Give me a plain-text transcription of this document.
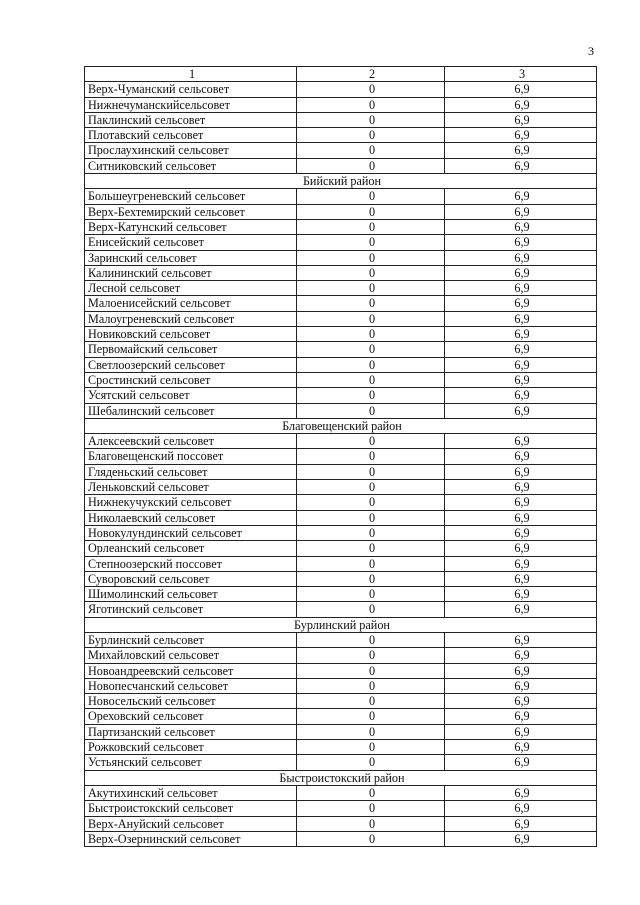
3
1	2	3
Верх-Чуманский сельсовет	0	6,9
Нижнечуманскийсельсовет	0	6,9
Паклинский сельсовет	0	6,9
Плотавский сельсовет	0	6,9
Прослаухинский сельсовет	0	6,9
Ситниковский сельсовет	0	6,9
Бийский район		
Большеугреневский сельсовет	0	6,9
Верх-Бехтемирский сельсовет	0	6,9
Верх-Катунский сельсовет	0	6,9
Енисейский сельсовет	0	6,9
Заринский сельсовет	0	6,9
Калининский сельсовет	0	6,9
Лесной сельсовет	0	6,9
Малоенисейский сельсовет	0	6,9
Малоугреневский сельсовет	0	6,9
Новиковский сельсовет	0	6,9
Первомайский сельсовет	0	6,9
Светлоозерский сельсовет	0	6,9
Сростинский сельсовет	0	6,9
Усятский сельсовет	0	6,9
Шебалинский сельсовет	0	6,9
Благовещенский район		
Алексеевский сельсовет	0	6,9
Благовещенский поссовет	0	6,9
Гляденьский сельсовет	0	6,9
Леньковский сельсовет	0	6,9
Нижнекучукский сельсовет	0	6,9
Николаевский сельсовет	0	6,9
Новокулундинский сельсовет	0	6,9
Орлеанский сельсовет	0	6,9
Степноозерский поссовет	0	6,9
Суворовский сельсовет	0	6,9
Шимолинский сельсовет	0	6,9
Яготинский сельсовет	0	6,9
Бурлинский район		
Бурлинский сельсовет	0	6,9
Михайловский сельсовет	0	6,9
Новоандреевский сельсовет	0	6,9
Новопесчанский сельсовет	0	6,9
Новосельский сельсовет	0	6,9
Ореховский сельсовет	0	6,9
Партизанский сельсовет	0	6,9
Рожковский сельсовет	0	6,9
Устьянский сельсовет	0	6,9
Быстроистокский район		
Акутихинский сельсовет	0	6,9
Быстроистокский сельсовет	0	6,9
Верх-Ануйский сельсовет	0	6,9
Верх-Озернинский сельсовет	0	6,9
